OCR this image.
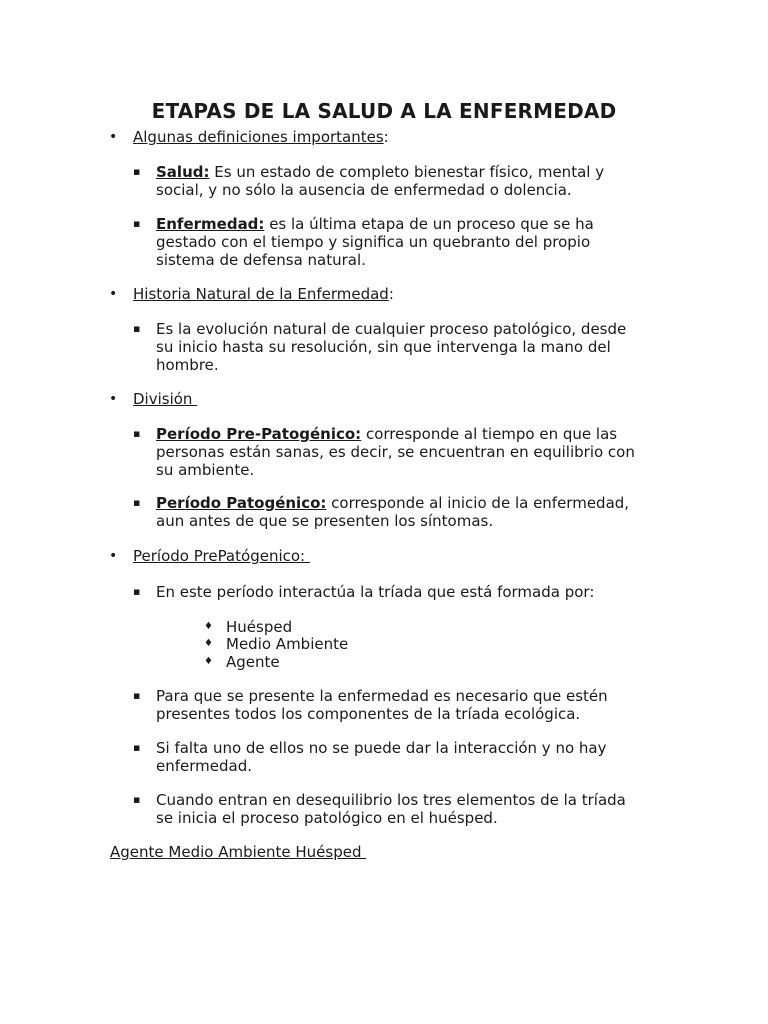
ETAPAS DE LA SALUD A LA ENFERMEDAD
• Algunas definiciones importantes:
▪ Salud: Es un estado de completo bienestar físico, mental y
social, y no sólo la ausencia de enfermedad o dolencia.
▪ Enfermedad: es la última etapa de un proceso que se ha
gestado con el tiempo y significa un quebranto del propio
sistema de defensa natural.
• Historia Natural de la Enfermedad:
▪ Es la evolución natural de cualquier proceso patológico, desde
su inicio hasta su resolución, sin que intervenga la mano del
hombre.
• División
▪ Período Pre-Patogénico: corresponde al tiempo en que las
personas están sanas, es decir, se encuentran en equilibrio con
su ambiente.
▪ Período Patogénico: corresponde al inicio de la enfermedad,
aun antes de que se presenten los síntomas.
• Período PrePatógenico:
▪ En este período interactúa la tríada que está formada por:
♦ Huésped
♦ Medio Ambiente
♦ Agente
▪ Para que se presente la enfermedad es necesario que estén
presentes todos los componentes de la tríada ecológica.
▪ Si falta uno de ellos no se puede dar la interacción y no hay
enfermedad.
▪ Cuando entran en desequilibrio los tres elementos de la tríada
se inicia el proceso patológico en el huésped.
Agente Medio Ambiente Huésped
